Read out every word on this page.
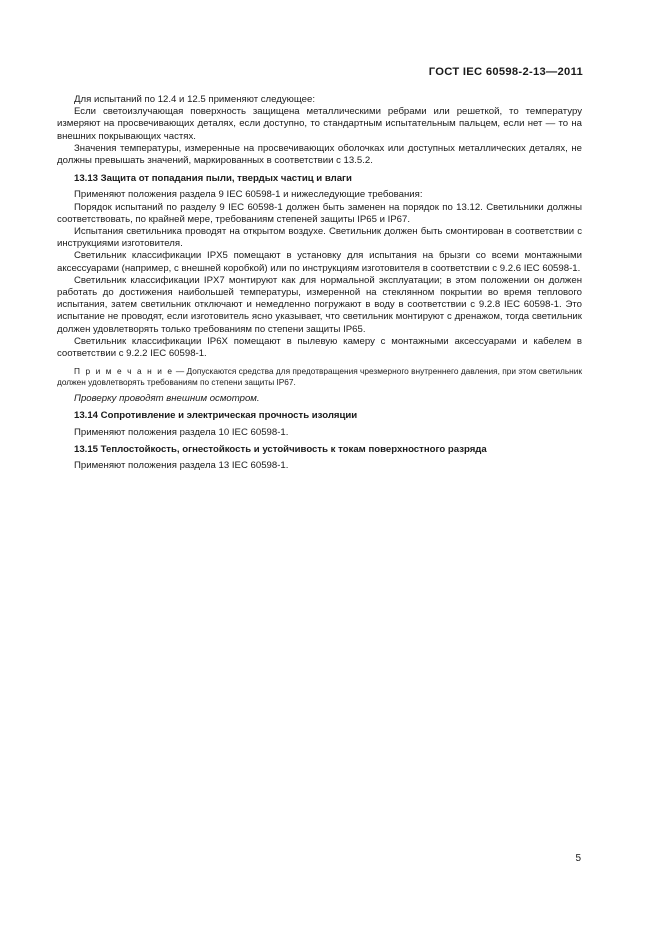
ГОСТ IEC 60598-2-13—2011

Для испытаний по 12.4 и 12.5 применяют следующее:

Если светоизлучающая поверхность защищена металлическими ребрами или решеткой, то температуру измеряют на просвечивающих деталях, если доступно, то стандартным испытательным пальцем, если нет — то на внешних покрывающих частях.

Значения температуры, измеренные на просвечивающих оболочках или доступных металлических деталях, не должны превышать значений, маркированных в соответствии с 13.5.2.

13.13 Защита от попадания пыли, твердых частиц и влаги

Применяют положения раздела 9 IEC 60598-1 и нижеследующие требования:

Порядок испытаний по разделу 9 IEC 60598-1 должен быть заменен на порядок по 13.12. Светильники должны соответствовать, по крайней мере, требованиям степеней защиты IP65 и IP67.

Испытания светильника проводят на открытом воздухе. Светильник должен быть смонтирован в соответствии с инструкциями изготовителя.

Светильник классификации IPX5 помещают в установку для испытания на брызги со всеми монтажными аксессуарами (например, с внешней коробкой) или по инструкциям изготовителя в соответствии с 9.2.6 IEC 60598-1.

Светильник классификации IPX7 монтируют как для нормальной эксплуатации; в этом положении он должен работать до достижения наибольшей температуры, измеренной на стеклянном покрытии во время теплового испытания, затем светильник отключают и немедленно погружают в воду в соответствии с 9.2.8 IEC 60598-1. Это испытание не проводят, если изготовитель ясно указывает, что светильник монтируют с дренажом, тогда светильник должен удовлетворять только требованиям по степени защиты IP65.

Светильник классификации IP6X помещают в пылевую камеру с монтажными аксессуарами и кабелем в соответствии с 9.2.2 IEC 60598-1.

П р и м е ч а н и е — Допускаются средства для предотвращения чрезмерного внутреннего давления, при этом светильник должен удовлетворять требованиям по степени защиты IP67.

Проверку проводят внешним осмотром.

13.14 Сопротивление и электрическая прочность изоляции

Применяют положения раздела 10 IEC 60598-1.

13.15 Теплостойкость, огнестойкость и устойчивость к токам поверхностного разряда

Применяют положения раздела 13 IEC 60598-1.

5
